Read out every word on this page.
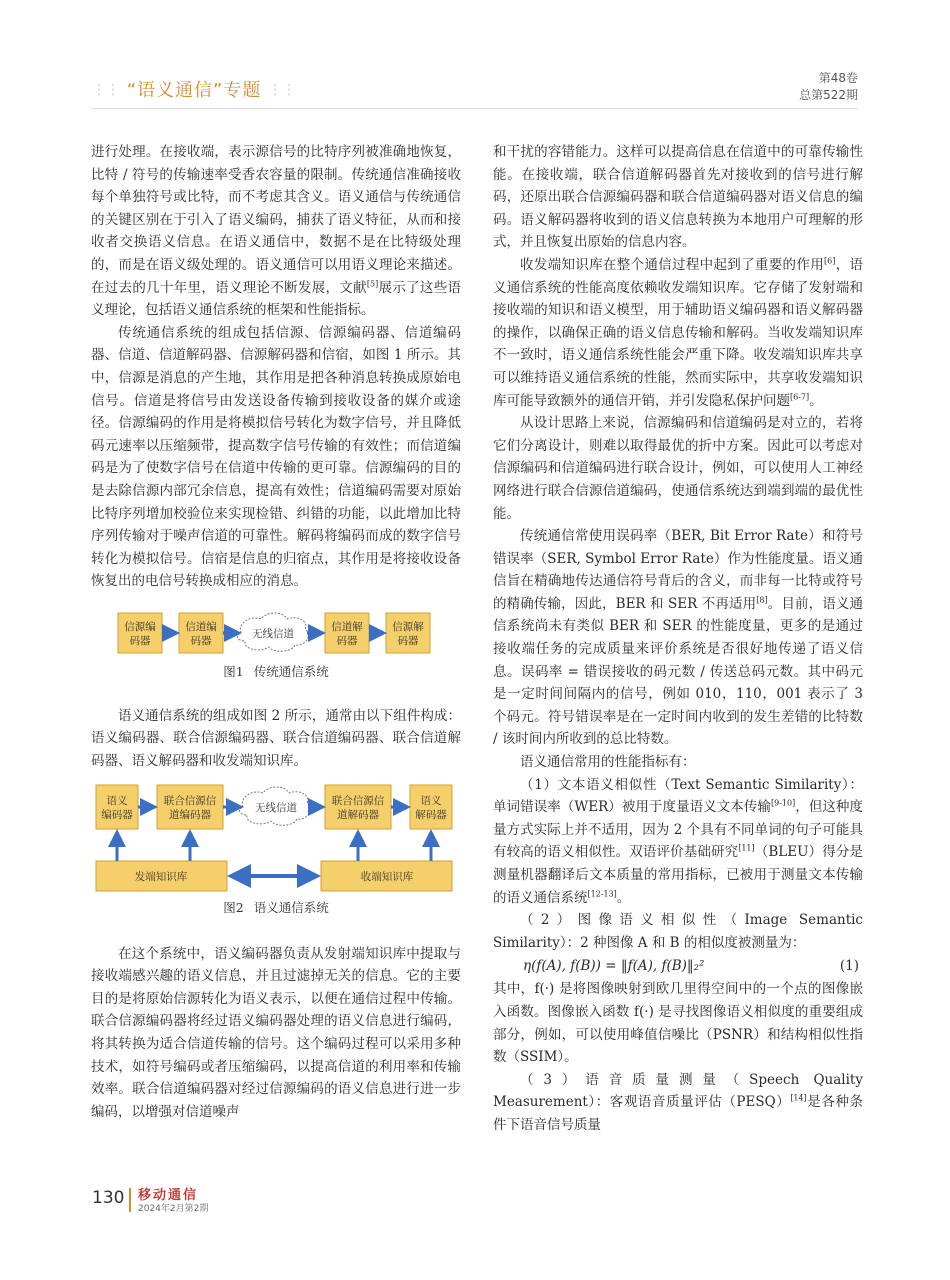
⋮⋮ “语义通信”专题 ⋮⋮
第48卷
总第522期

进行处理。在接收端，表示源信号的比特序列被准确地恢复，比特 / 符号的传输速率受香农容量的限制。传统通信准确接收每个单独符号或比特，而不考虑其含义。语义通信与传统通信的关键区别在于引入了语义编码，捕获了语义特征，从而和接收者交换语义信息。在语义通信中，数据不是在比特级处理的，而是在语义级处理的。语义通信可以用语义理论来描述。在过去的几十年里，语义理论不断发展，文献[5]展示了这些语义理论，包括语义通信系统的框架和性能指标。

传统通信系统的组成包括信源、信源编码器、信道编码器、信道、信道解码器、信源解码器和信宿，如图 1 所示。其中，信源是消息的产生地，其作用是把各种消息转换成原始电信号。信道是将信号由发送设备传输到接收设备的媒介或途径。信源编码的作用是将模拟信号转化为数字信号，并且降低码元速率以压缩频带，提高数字信号传输的有效性；而信道编码是为了使数字信号在信道中传输的更可靠。信源编码的目的是去除信源内部冗余信息，提高有效性；信道编码需要对原始比特序列增加校验位来实现检错、纠错的功能，以此增加比特序列传输对于噪声信道的可靠性。解码将编码而成的数字信号转化为模拟信号。信宿是信息的归宿点，其作用是将接收设备恢复出的电信号转换成相应的消息。

信源编
码器
信道编
码器
无线信道
信道解
码器
信源解
码器
图1 传统通信系统

语义通信系统的组成如图 2 所示，通常由以下组件构成：语义编码器、联合信源编码器、联合信道编码器、联合信道解码器、语义解码器和收发端知识库。

语义
编码器
联合信源信
道编码器
无线信道
联合信源信
道解码器
语义
解码器
发端知识库	收端知识库
图2 语义通信系统

在这个系统中，语义编码器负责从发射端知识库中提取与接收端感兴趣的语义信息，并且过滤掉无关的信息。它的主要目的是将原始信源转化为语义表示，以便在通信过程中传输。联合信源编码器将经过语义编码器处理的语义信息进行编码，将其转换为适合信道传输的信号。这个编码过程可以采用多种技术，如符号编码或者压缩编码，以提高信道的利用率和传输效率。联合信道编码器对经过信源编码的语义信息进行进一步编码，以增强对信道噪声

和干扰的容错能力。这样可以提高信息在信道中的可靠传输性能。在接收端，联合信道解码器首先对接收到的信号进行解码，还原出联合信源编码器和联合信道编码器对语义信息的编码。语义解码器将收到的语义信息转换为本地用户可理解的形式，并且恢复出原始的信息内容。

收发端知识库在整个通信过程中起到了重要的作用[6]，语义通信系统的性能高度依赖收发端知识库。它存储了发射端和接收端的知识和语义模型，用于辅助语义编码器和语义解码器的操作，以确保正确的语义信息传输和解码。当收发端知识库不一致时，语义通信系统性能会严重下降。收发端知识库共享可以维持语义通信系统的性能，然而实际中，共享收发端知识库可能导致额外的通信开销，并引发隐私保护问题[6-7]。

从设计思路上来说，信源编码和信道编码是对立的，若将它们分离设计，则难以取得最优的折中方案。因此可以考虑对信源编码和信道编码进行联合设计，例如，可以使用人工神经网络进行联合信源信道编码，使通信系统达到端到端的最优性能。

传统通信常使用误码率（BER, Bit Error Rate）和符号错误率（SER, Symbol Error Rate）作为性能度量。语义通信旨在精确地传达通信符号背后的含义，而非每一比特或符号的精确传输，因此，BER 和 SER 不再适用[8]。目前，语义通信系统尚未有类似 BER 和 SER 的性能度量，更多的是通过接收端任务的完成质量来评价系统是否很好地传递了语义信息。误码率 = 错误接收的码元数 / 传送总码元数。其中码元是一定时间间隔内的信号，例如 010，110，001 表示了 3 个码元。符号错误率是在一定时间内收到的发生差错的比特数 / 该时间内所收到的总比特数。

语义通信常用的性能指标有：

（1）文本语义相似性（Text Semantic Similarity）：单词错误率（WER）被用于度量语义文本传输[9-10]，但这种度量方式实际上并不适用，因为 2 个具有不同单词的句子可能具有较高的语义相似性。双语评价基础研究[11]（BLEU）得分是测量机器翻译后文本质量的常用指标，已被用于测量文本传输的语义通信系统[12-13]。

（2）图像语义相似性（Image Semantic Similarity）：2 种图像 A 和 B 的相似度被测量为：

η(f(A), f(B)) = ‖f(A), f(B)‖₂²	(1)

其中，f(·) 是将图像映射到欧几里得空间中的一个点的图像嵌入函数。图像嵌入函数 f(·) 是寻找图像语义相似度的重要组成部分，例如，可以使用峰值信噪比（PSNR）和结构相似性指数（SSIM）。

（3）语音质量测量（Speech Quality Measurement）：客观语音质量评估（PESQ）[14]是各种条件下语音信号质量

130 移动通信
2024年2月第2期
